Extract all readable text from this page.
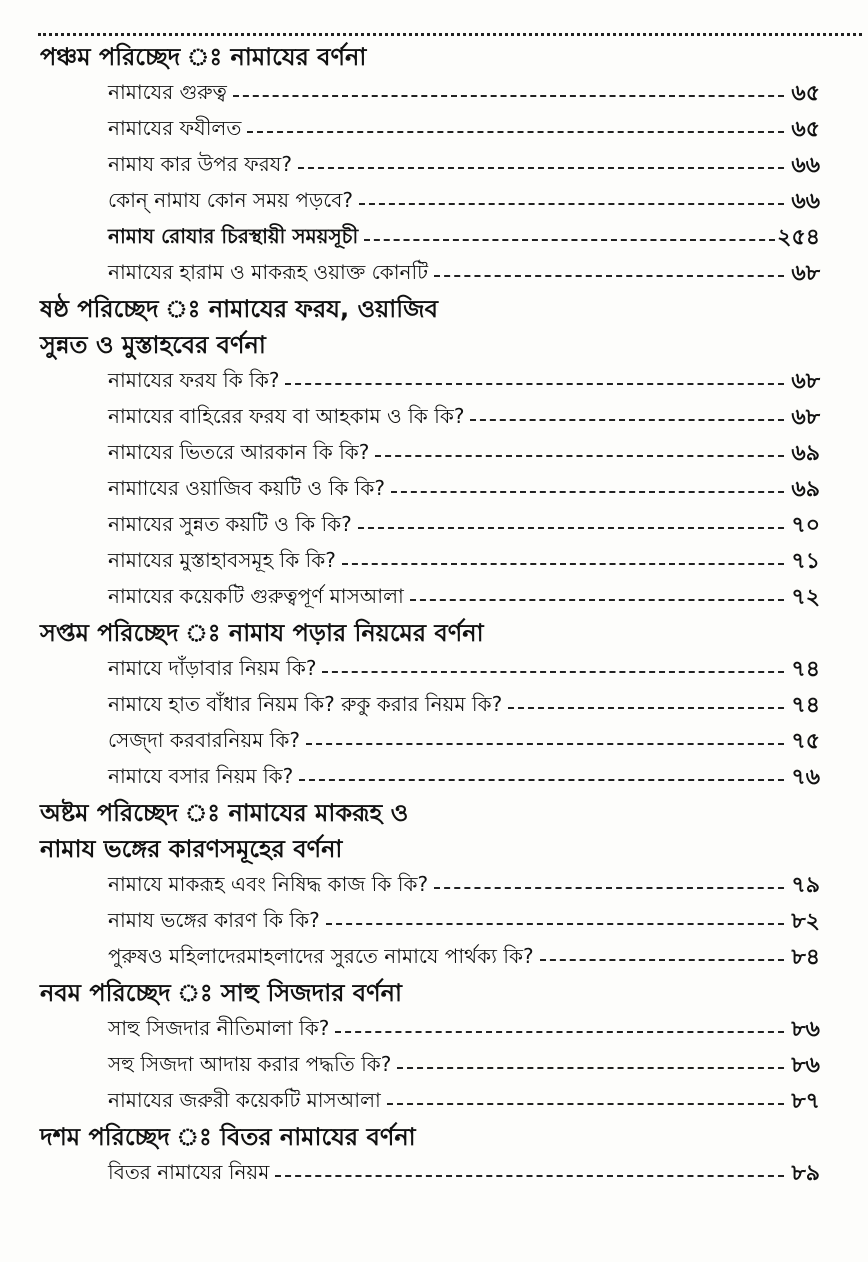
পঞ্চম পরিচ্ছেদ ঃ নামাযের বর্ণনা
নামাযের গুরুত্ব	৬৫
নামাযের ফযীলত	৬৫
নামায কার উপর ফরয?	৬৬
কোন্ নামায কোন সময় পড়বে?	৬৬
নামায রোযার চিরস্থায়ী সময়সূচী	২৫৪
নামাযের হারাম ও মাকরূহ ওয়াক্ত কোনটি	৬৮
ষষ্ঠ পরিচ্ছেদ ঃ নামাযের ফরয, ওয়াজিব
সুন্নত ও মুস্তাহবের বর্ণনা
নামাযের ফরয কি কি?	৬৮
নামাযের বাহিরের ফরয বা আহকাম ও কি কি?	৬৮
নামাযের ভিতরে আরকান কি কি?	৬৯
নামাাযের ওয়াজিব কয়টি ও কি কি?	৬৯
নামাযের সুন্নত কয়টি ও কি কি?	৭০
নামাযের মুস্তাহাবসমূহ কি কি?	৭১
নামাযের কয়েকটি গুরুত্বপূর্ণ মাসআলা	৭২
সপ্তম পরিচ্ছেদ ঃ নামায পড়ার নিয়মের বর্ণনা
নামাযে দাঁড়াবার নিয়ম কি?	৭৪
নামাযে হাত বাঁধার নিয়ম কি? রুকু করার নিয়ম কি?	৭৪
সেজ্দা করবারনিয়ম কি?	৭৫
নামাযে বসার নিয়ম কি?	৭৬
অষ্টম পরিচ্ছেদ ঃ নামাযের মাকরূহ ও
নামায ভঙ্গের কারণসমূহের বর্ণনা
নামাযে মাকরূহ এবং নিষিদ্ধ কাজ কি কি?	৭৯
নামায ভঙ্গের কারণ কি কি?	৮২
পুরুষও মহিলাদেরমাহলাদের সুরতে নামাযে পার্থক্য কি?	৮৪
নবম পরিচ্ছেদ ঃ সাহু সিজদার বর্ণনা
সাহু সিজদার নীতিমালা কি?	৮৬
সহু সিজদা আদায় করার পদ্ধতি কি?	৮৬
নামাযের জরুরী কয়েকটি মাসআলা	৮৭
দশম পরিচ্ছেদ ঃ বিতর নামাযের বর্ণনা
বিতর নামাযের নিয়ম	৮৯
